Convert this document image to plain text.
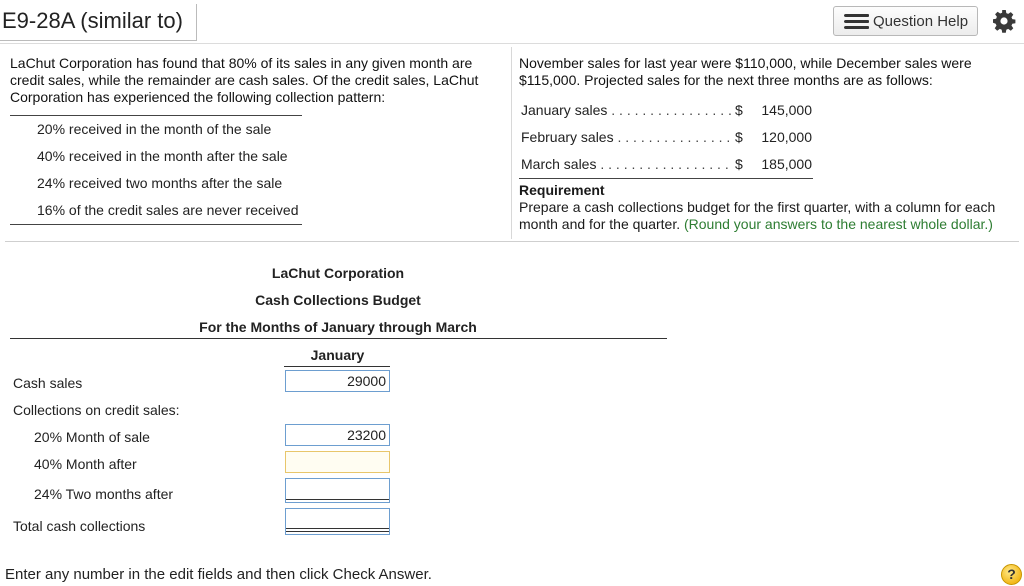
E9-28A (similar to)	Question Help
LaChut Corporation has found that 80% of its sales in any given month are credit sales, while the remainder are cash sales. Of the credit sales, LaChut Corporation has experienced the following collection pattern:
20% received in the month of the sale
40% received in the month after the sale
24% received two months after the sale
16% of the credit sales are never received
November sales for last year were $110,000, while December sales were $115,000. Projected sales for the next three months are as follows:
January sales . . .	$ 145,000
February sales . . .	$ 120,000
March sales . . .	$ 185,000
Requirement
Prepare a cash collections budget for the first quarter, with a column for each month and for the quarter. (Round your answers to the nearest whole dollar.)
LaChut Corporation
Cash Collections Budget
For the Months of January through March
January
Cash sales	29000
Collections on credit sales:
20% Month of sale	23200
40% Month after
24% Two months after
Total cash collections
Enter any number in the edit fields and then click Check Answer.	?
